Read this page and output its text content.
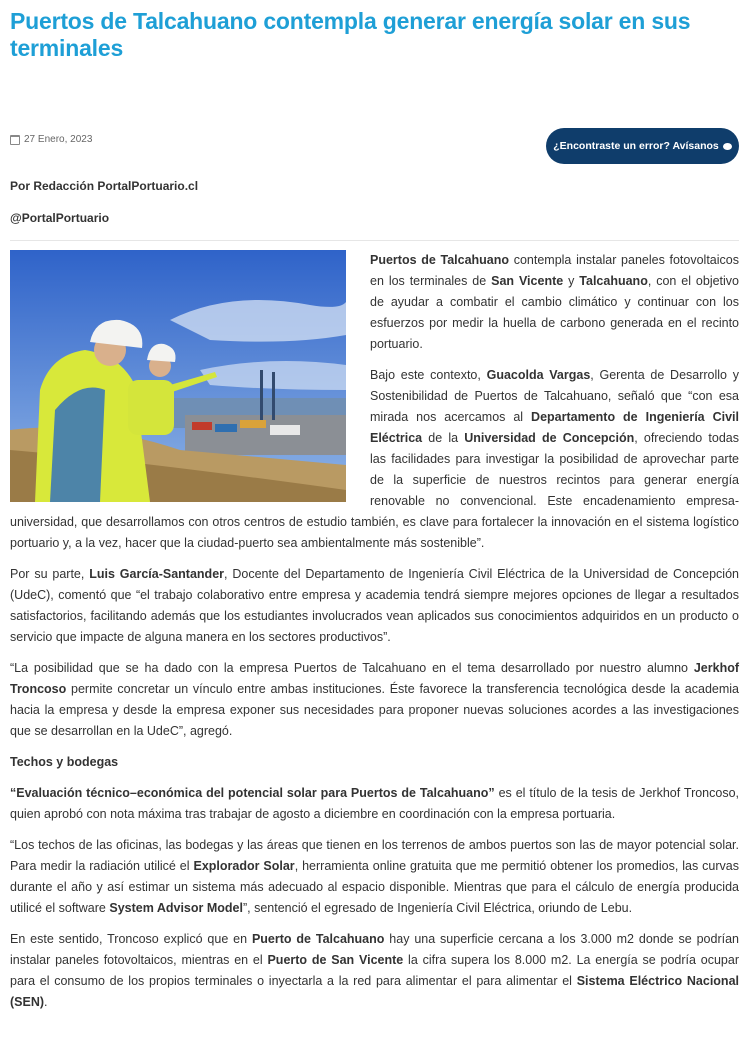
Puertos de Talcahuano contempla generar energía solar en sus terminales
27 Enero, 2023
¿Encontraste un error? Avísanos
Por Redacción PortalPortuario.cl
@PortalPortuario

Puertos de Talcahuano contempla instalar paneles fotovoltaicos en los terminales de San Vicente y Talcahuano, con el objetivo de ayudar a combatir el cambio climático y continuar con los esfuerzos por medir la huella de carbono generada en el recinto portuario.

Bajo este contexto, Guacolda Vargas, Gerenta de Desarrollo y Sostenibilidad de Puertos de Talcahuano, señaló que “con esa mirada nos acercamos al Departamento de Ingeniería Civil Eléctrica de la Universidad de Concepción, ofreciendo todas las facilidades para investigar la posibilidad de aprovechar parte de la superficie de nuestros recintos para generar energía renovable no convencional. Este encadenamiento empresa-universidad, que desarrollamos con otros centros de estudio también, es clave para fortalecer la innovación en el sistema logístico portuario y, a la vez, hacer que la ciudad-puerto sea ambientalmente más sostenible”.

Por su parte, Luis García-Santander, Docente del Departamento de Ingeniería Civil Eléctrica de la Universidad de Concepción (UdeC), comentó que “el trabajo colaborativo entre empresa y academia tendrá siempre mejores opciones de llegar a resultados satisfactorios, facilitando además que los estudiantes involucrados vean aplicados sus conocimientos adquiridos en un producto o servicio que impacte de alguna manera en los sectores productivos”.

“La posibilidad que se ha dado con la empresa Puertos de Talcahuano en el tema desarrollado por nuestro alumno Jerkhof Troncoso permite concretar un vínculo entre ambas instituciones. Éste favorece la transferencia tecnológica desde la academia hacia la empresa y desde la empresa exponer sus necesidades para proponer nuevas soluciones acordes a las investigaciones que se desarrollan en la UdeC”, agregó.

Techos y bodegas

“Evaluación técnico–económica del potencial solar para Puertos de Talcahuano” es el título de la tesis de Jerkhof Troncoso, quien aprobó con nota máxima tras trabajar de agosto a diciembre en coordinación con la empresa portuaria.

“Los techos de las oficinas, las bodegas y las áreas que tienen en los terrenos de ambos puertos son las de mayor potencial solar. Para medir la radiación utilicé el Explorador Solar, herramienta online gratuita que me permitió obtener los promedios, las curvas durante el año y así estimar un sistema más adecuado al espacio disponible. Mientras que para el cálculo de energía producida utilicé el software System Advisor Model”, sentenció el egresado de Ingeniería Civil Eléctrica, oriundo de Lebu.

En este sentido, Troncoso explicó que en Puerto de Talcahuano hay una superficie cercana a los 3.000 m2 donde se podrían instalar paneles fotovoltaicos, mientras en el Puerto de San Vicente la cifra supera los 8.000 m2. La energía se podría ocupar para el consumo de los propios terminales o inyectarla a la red para alimentar el para alimentar el Sistema Eléctrico Nacional (SEN).
